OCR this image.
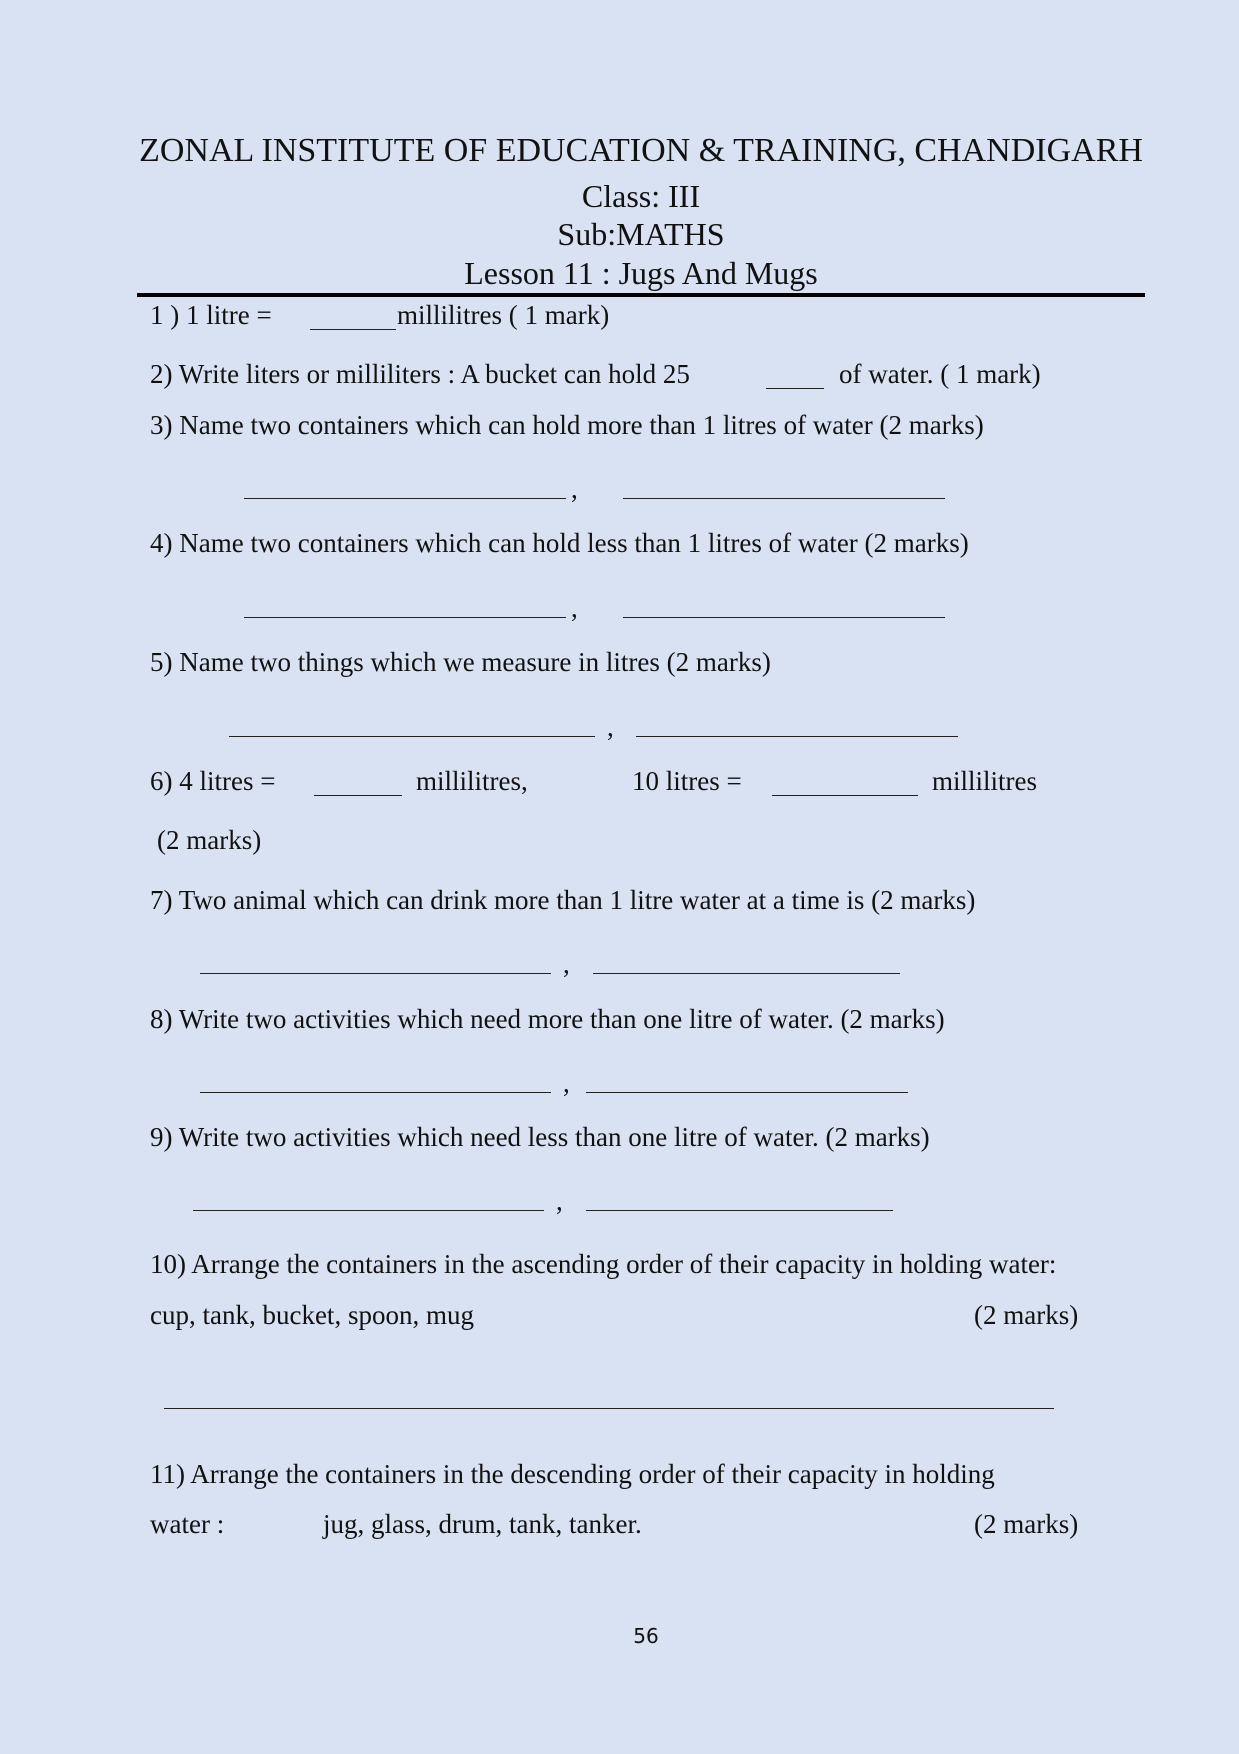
ZONAL INSTITUTE OF EDUCATION & TRAINING, CHANDIGARH
Class: III
Sub:MATHS
Lesson 11 : Jugs And Mugs
1 ) 1 litre =	millilitres ( 1 mark)
2) Write liters or milliliters : A bucket can hold 25	of water. ( 1 mark)
3) Name two containers which can hold more than 1 litres of water (2 marks)
,
4) Name two containers which can hold less than 1 litres of water (2 marks)
,
5) Name two things which we measure in litres (2 marks)
,
6) 4 litres =	millilitres,	10 litres =	millilitres
(2 marks)
7) Two animal which can drink more than 1 litre water at a time is (2 marks)
,
8) Write two activities which need more than one litre of water. (2 marks)
,
9) Write two activities which need less than one litre of water. (2 marks)
,
10) Arrange the containers in the ascending order of their capacity in holding water:
cup, tank, bucket, spoon, mug	(2 marks)
11) Arrange the containers in the descending order of their capacity in holding
water :	jug, glass, drum, tank, tanker.	(2 marks)
56
